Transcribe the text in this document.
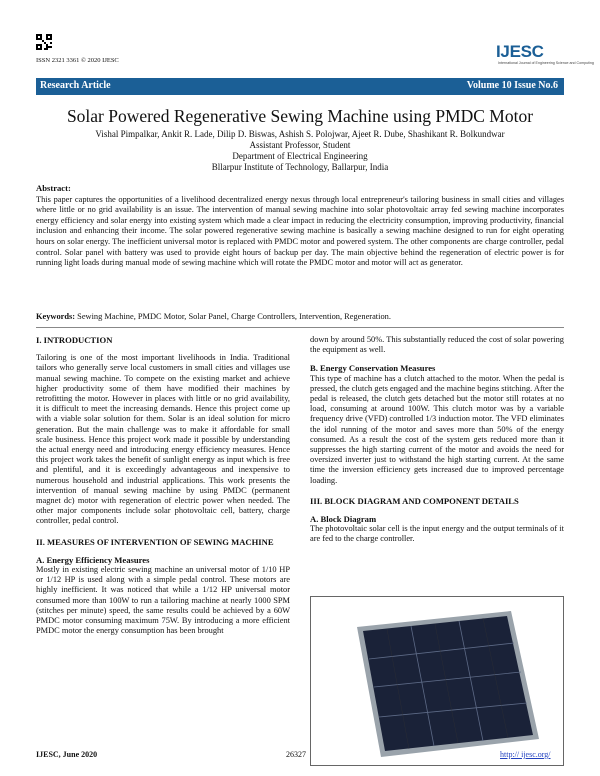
ISSN 2321 3361 © 2020 IJESC	IJESC
International Journal of Engineering Science and Computing
Research Article	Volume 10 Issue No.6
Solar Powered Regenerative Sewing Machine using PMDC Motor
Vishal Pimpalkar, Ankit R. Lade, Dilip D. Biswas, Ashish S. Polojwar, Ajeet R. Dube, Shashikant R. Bolkundwar
Assistant Professor, Student
Department of Electrical Engineering
Bllarpur Institute of Technology, Ballarpur, India
Abstract:
This paper captures the opportunities of a livelihood decentralized energy nexus through local entrepreneur's tailoring business in small cities and villages where little or no grid availability is an issue. The intervention of manual sewing machine into solar photovoltaic array fed sewing machine incorporates energy efficiency and solar energy into existing system which made a clear impact in reducing the electricity consumption, improving productivity, financial inclusion and enhancing their income. The solar powered regenerative sewing machine is basically a sewing machine designed to run for eight operating hours on solar energy. The inefficient universal motor is replaced with PMDC motor and powered system. The other components are charge controller, pedal control. Solar panel with battery was used to provide eight hours of backup per day. The main objective behind the regeneration of electric power is for running light loads during manual mode of sewing machine which will rotate the PMDC motor and motor will act as generator.
Keywords: Sewing Machine, PMDC Motor, Solar Panel, Charge Controllers, Intervention, Regeneration.

I. INTRODUCTION

Tailoring is one of the most important livelihoods in India. Traditional tailors who generally serve local customers in small cities and villages use manual sewing machine. To compete on the existing market and achieve higher productivity some of them have modified their machines by retrofitting the motor. However in places with little or no grid availability, it is difficult to meet the increasing demands. Hence this project come up with a viable solar solution for them. Solar is an ideal solution for micro generation. But the main challenge was to make it affordable for small scale business. Hence this project work made it possible by understanding the actual energy need and introducing energy efficiency measures. Hence this project work takes the benefit of sunlight energy as input which is free and plentiful, and it is exceedingly advantageous and inexpensive to numerous household and industrial applications. This work presents the intervention of manual sewing machine by using PMDC (permanent magnet dc) motor with regeneration of electric power when needed. The other major components include solar photovoltaic cell, battery, charge controller, pedal control.

II. MEASURES OF INTERVENTION OF SEWING MACHINE

A. Energy Efficiency Measures

Mostly in existing electric sewing machine an universal motor of 1/10 HP or 1/12 HP is used along with a simple pedal control. These motors are highly inefficient. It was noticed that while a 1/12 HP universal motor consumed more than 100W to run a tailoring machine at nearly 1000 SPM (stitches per minute) speed, the same results could be achieved by a 60W PMDC motor consuming maximum 75W. By introducing a more efficient PMDC motor the energy consumption has been brought

down by around 50%. This substantially reduced the cost of solar powering the equipment as well.

B. Energy Conservation Measures

This type of machine has a clutch attached to the motor. When the pedal is pressed, the clutch gets engaged and the machine begins stitching. After the pedal is released, the clutch gets detached but the motor still rotates at no load, consuming at around 100W. This clutch motor was by a variable frequency drive (VFD) controlled 1/3 induction motor. The VFD eliminates the idol running of the motor and saves more than 50% of the energy consumed. As a result the cost of the system gets reduced more than it suppresses the high starting current of the motor and avoids the need for oversized inverter just to withstand the high starting current. At the same time the inversion efficiency gets increased due to improved percentage loading.

III. BLOCK DIAGRAM AND COMPONENT DETAILS

A. Block Diagram

The photovoltaic solar cell is the input energy and the output terminals of it are fed to the charge controller.

IJESC, June 2020	26327	http:// ijesc.org/
